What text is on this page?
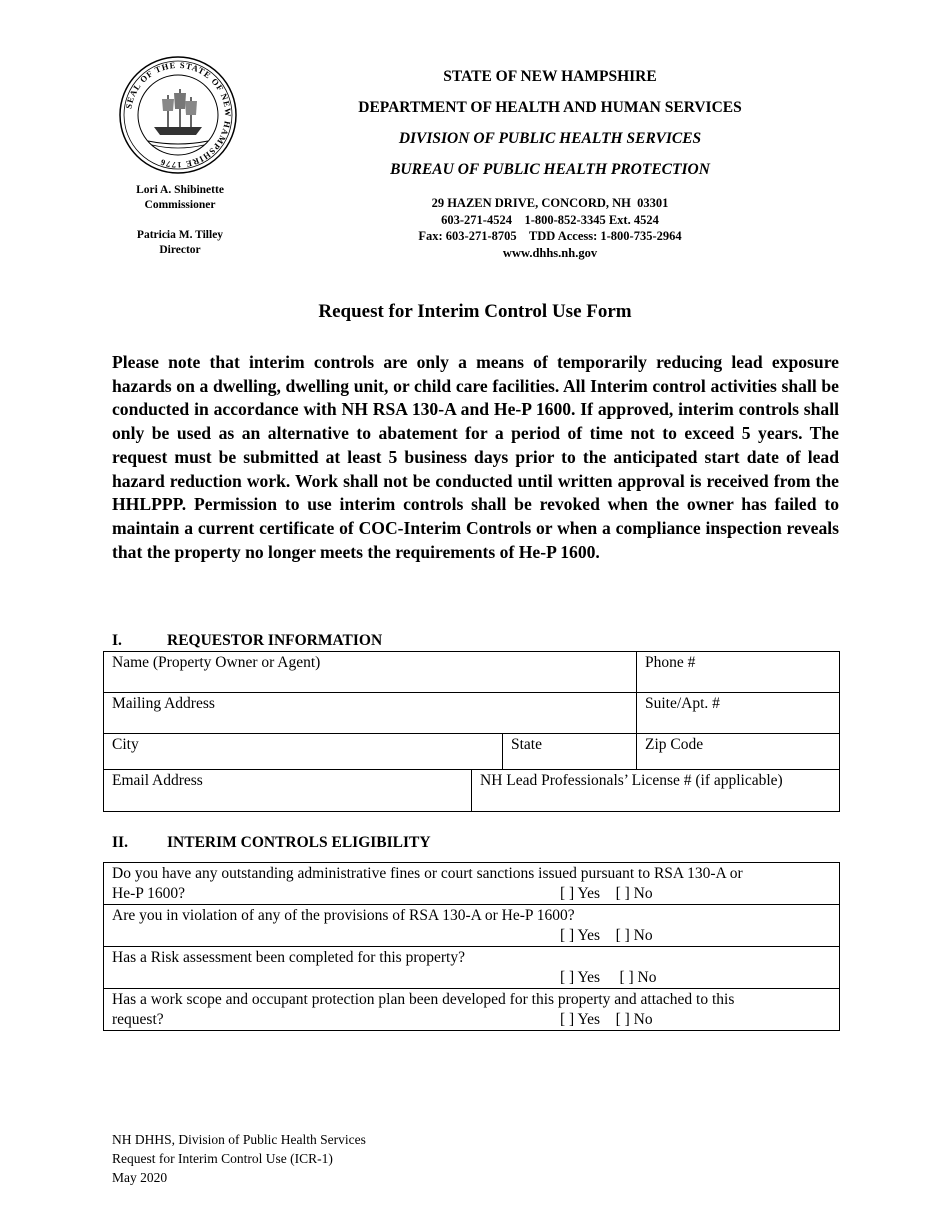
SEAL OF THE STATE OF NEW HAMPSHIRE 1776
Lori A. Shibinette
Commissioner
Patricia M. Tilley
Director
STATE OF NEW HAMPSHIRE
DEPARTMENT OF HEALTH AND HUMAN SERVICES
DIVISION OF PUBLIC HEALTH SERVICES
BUREAU OF PUBLIC HEALTH PROTECTION
29 HAZEN DRIVE, CONCORD, NH  03301
603-271-4524    1-800-852-3345 Ext. 4524
Fax: 603-271-8705    TDD Access: 1-800-735-2964
www.dhhs.nh.gov
Request for Interim Control Use Form
Please note that interim controls are only a means of temporarily reducing lead exposure hazards on a dwelling, dwelling unit, or child care facilities. All Interim control activities shall be conducted in accordance with NH RSA 130-A and He-P 1600. If approved, interim controls shall only be used as an alternative to abatement for a period of time not to exceed 5 years. The request must be submitted at least 5 business days prior to the anticipated start date of lead hazard reduction work. Work shall not be conducted until written approval is received from the HHLPPP. Permission to use interim controls shall be revoked when the owner has failed to maintain a current certificate of COC-Interim Controls or when a compliance inspection reveals that the property no longer meets the requirements of He-P 1600.
I.	REQUESTOR INFORMATION
Name (Property Owner or Agent)			Phone #
Mailing Address			Suite/Apt. #
City		State	Zip Code
Email Address	NH Lead Professionals’ License # (if applicable)		
II.	INTERIM CONTROLS ELIGIBILITY
Do you have any outstanding administrative fines or court sanctions issued pursuant to RSA 130-A or
He-P 1600?	[ ] Yes [ ] No

Are you in violation of any of the provisions of RSA 130-A or He-P 1600?
[ ] Yes [ ] No

Has a Risk assessment been completed for this property?
[ ] Yes [ ] No

Has a work scope and occupant protection plan been developed for this property and attached to this
request?	[ ] Yes [ ] No
NH DHHS, Division of Public Health Services
Request for Interim Control Use (ICR-1)
May 2020
